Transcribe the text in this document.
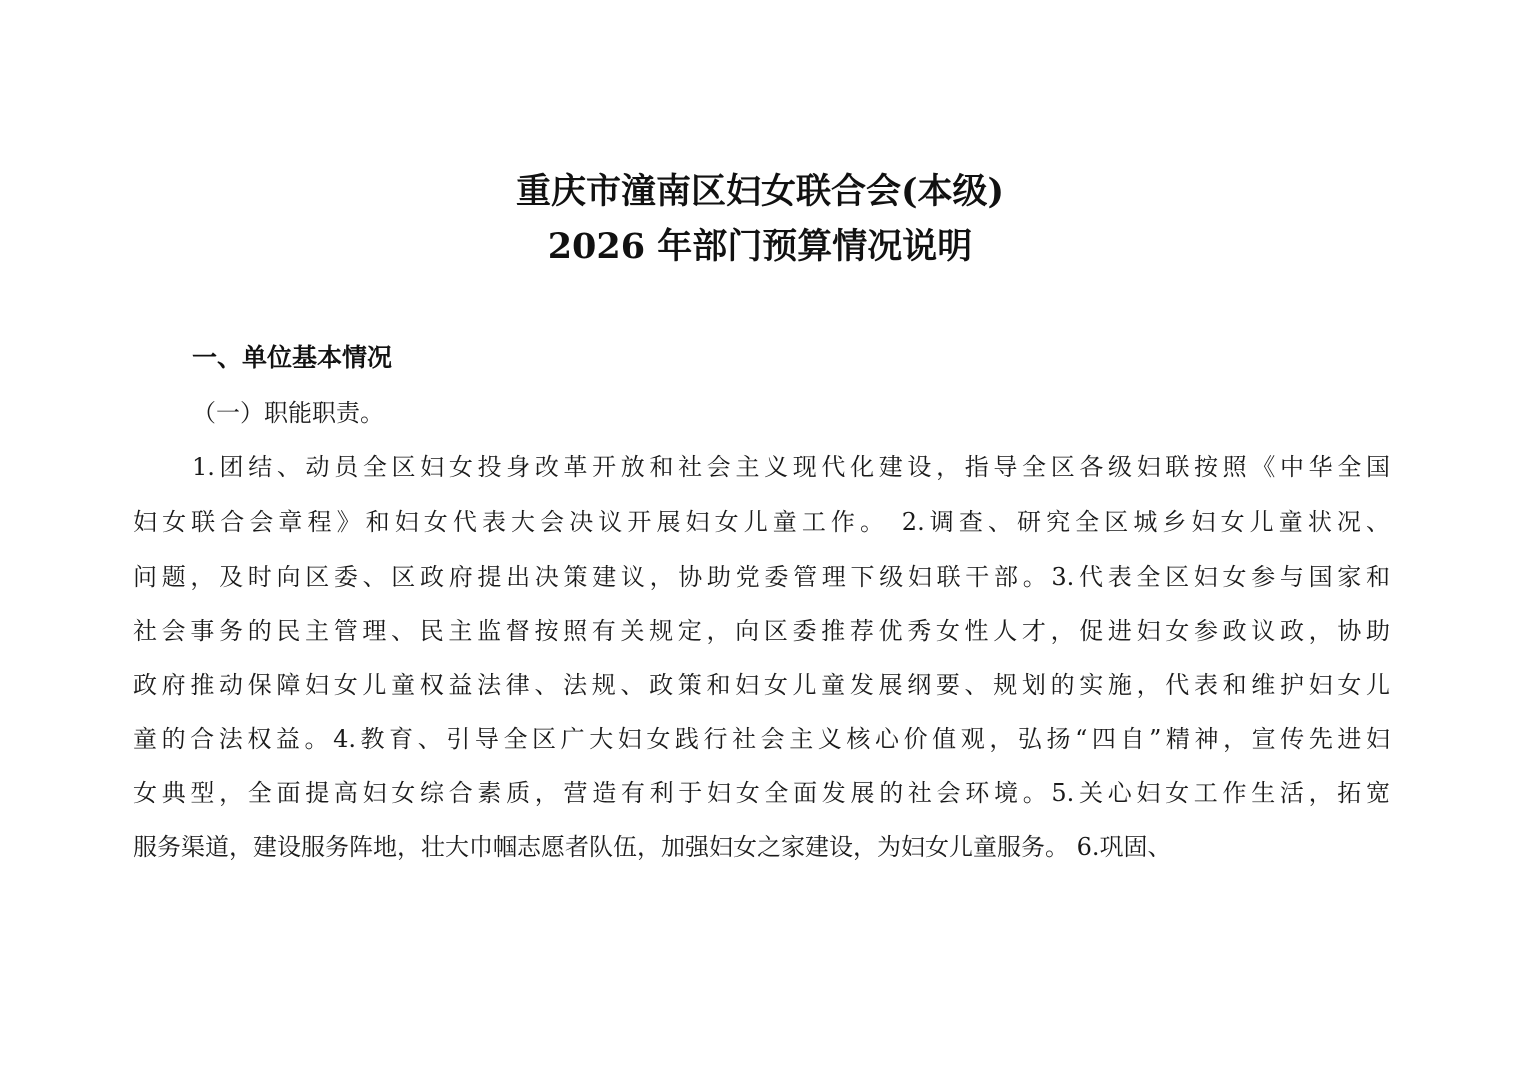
重庆市潼南区妇女联合会(本级)
2026 年部门预算情况说明
一、单位基本情况

（一）职能职责。

1.团结、动员全区妇女投身改革开放和社会主义现代化建设，指导全区各级妇联按照《中华全国

妇女联合会章程》和妇女代表大会决议开展妇女儿童工作。 2.调查、研究全区城乡妇女儿童状况、

问题，及时向区委、区政府提出决策建议，协助党委管理下级妇联干部。3.代表全区妇女参与国家和

社会事务的民主管理、民主监督按照有关规定，向区委推荐优秀女性人才，促进妇女参政议政，协助

政府推动保障妇女儿童权益法律、法规、政策和妇女儿童发展纲要、规划的实施，代表和维护妇女儿

童的合法权益。4.教育、引导全区广大妇女践行社会主义核心价值观，弘扬“四自”精神，宣传先进妇

女典型，全面提高妇女综合素质，营造有利于妇女全面发展的社会环境。5.关心妇女工作生活，拓宽

服务渠道，建设服务阵地，壮大巾帼志愿者队伍，加强妇女之家建设，为妇女儿童服务。 6.巩固、
